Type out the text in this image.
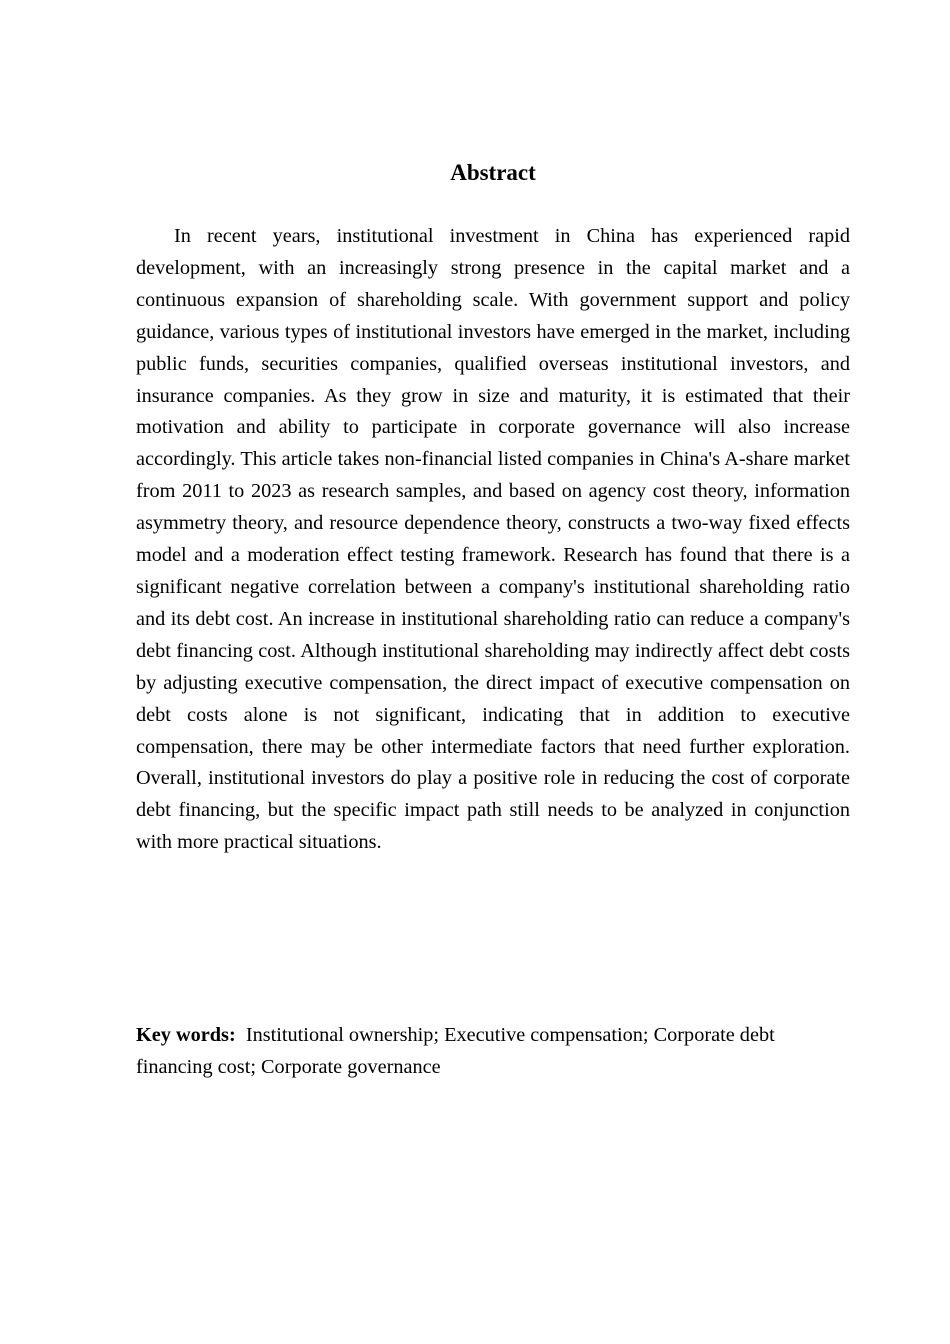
Abstract

In recent years, institutional investment in China has experienced rapid development, with an increasingly strong presence in the capital market and a continuous expansion of shareholding scale. With government support and policy guidance, various types of institutional investors have emerged in the market, including public funds, securities companies, qualified overseas institutional investors, and insurance companies. As they grow in size and maturity, it is estimated that their motivation and ability to participate in corporate governance will also increase accordingly. This article takes non-financial listed companies in China's A-share market from 2011 to 2023 as research samples, and based on agency cost theory, information asymmetry theory, and resource dependence theory, constructs a two-way fixed effects model and a moderation effect testing framework. Research has found that there is a significant negative correlation between a company's institutional shareholding ratio and its debt cost. An increase in institutional shareholding ratio can reduce a company's debt financing cost. Although institutional shareholding may indirectly affect debt costs by adjusting executive compensation, the direct impact of executive compensation on debt costs alone is not significant, indicating that in addition to executive compensation, there may be other intermediate factors that need further exploration. Overall, institutional investors do play a positive role in reducing the cost of corporate debt financing, but the specific impact path still needs to be analyzed in conjunction with more practical situations.

Key words: Institutional ownership; Executive compensation; Corporate debt financing cost; Corporate governance
